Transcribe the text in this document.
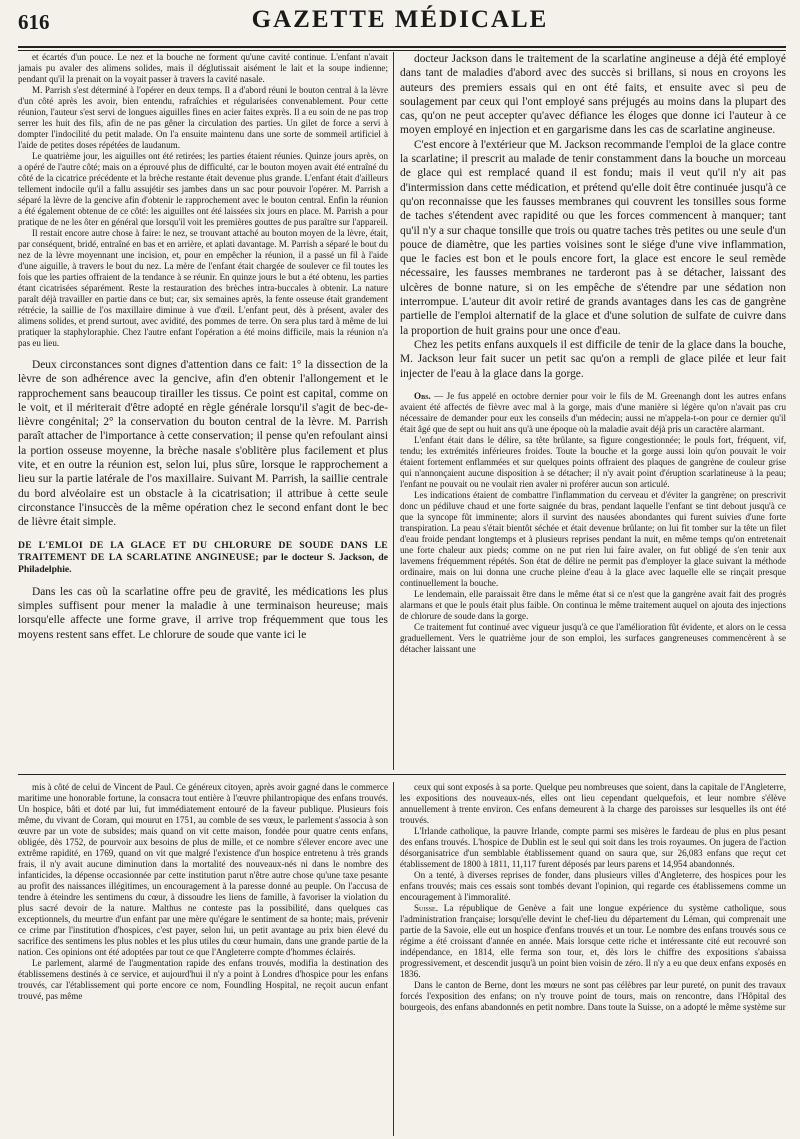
616	GAZETTE MÉDICALE

et écartés d'un pouce. Le nez et la bouche ne forment qu'une cavité continue. L'enfant n'avait jamais pu avaler des alimens solides, mais il déglutissait aisément le lait et la soupe indienne; pendant qu'il la prenait on la voyait passer à travers la cavité nasale.

M. Parrish s'est déterminé à l'opérer en deux temps. Il a d'abord réuni le bouton central à la lèvre d'un côté après les avoir, bien entendu, rafraîchies et régularisées convenablement. Pour cette réunion, l'auteur s'est servi de longues aiguilles fines en acier faites exprès. Il a eu soin de ne pas trop serrer les huit des fils, afin de ne pas gêner la circulation des parties. Un gilet de force a servi à dompter l'indocilité du petit malade. On l'a ensuite maintenu dans une sorte de sommeil artificiel à l'aide de petites doses répétées de laudanum.

Le quatrième jour, les aiguilles ont été retirées; les parties étaient réunies. Quinze jours après, on a opéré de l'autre côté; mais on a éprouvé plus de difficulté, car le bouton moyen avait été entraîné du côté de la cicatrice précédente et la brèche restante était devenue plus grande. L'enfant était d'ailleurs tellement indocile qu'il a fallu assujétir ses jambes dans un sac pour pouvoir l'opérer. M. Parrish a séparé la lèvre de la gencive afin d'obtenir le rapprochement avec le bouton central. Enfin la réunion a été également obtenue de ce côté: les aiguilles ont été laissées six jours en place. M. Parrish a pour pratique de ne les ôter en général que lorsqu'il voit les premières gouttes de pus paraître sur l'appareil.

Il restait encore autre chose à faire: le nez, se trouvant attaché au bouton moyen de la lèvre, était, par conséquent, bridé, entraîné en bas et en arrière, et aplati davantage. M. Parrish a séparé le bout du nez de la lèvre moyennant une incision, et, pour en empêcher la réunion, il a passé un fil à l'aide d'une aiguille, à travers le bout du nez. La mère de l'enfant était chargée de soulever ce fil toutes les fois que les parties offraient de la tendance à se réunir. En quinze jours le but a été obtenu, les parties étant cicatrisées séparément. Reste la restauration des brèches intra-buccales à obtenir. La nature paraît déjà travailler en partie dans ce but; car, six semaines après, la fente osseuse était grandement rétrécie, la saillie de l'os maxillaire diminue à vue d'œil. L'enfant peut, dès à présent, avaler des alimens solides, et prend surtout, avec avidité, des pommes de terre. On sera plus tard à même de lui pratiquer la staphyloraphie. Chez l'autre enfant l'opération a été moins difficile, mais la réunion n'a pas eu lieu.

Deux circonstances sont dignes d'attention dans ce fait: 1° la dissection de la lèvre de son adhérence avec la gencive, afin d'en obtenir l'allongement et le rapprochement sans beaucoup tirailler les tissus. Ce point est capital, comme on le voit, et il mériterait d'être adopté en règle générale lorsqu'il s'agit de bec-de-lièvre congénital; 2° la conservation du bouton central de la lèvre. M. Parrish paraît attacher de l'importance à cette conservation; il pense qu'en refoulant ainsi la portion osseuse moyenne, la brèche nasale s'oblitère plus facilement et plus vite, et en outre la réunion est, selon lui, plus sûre, lorsque le rapprochement a lieu sur la partie latérale de l'os maxillaire. Suivant M. Parrish, la saillie centrale du bord alvéolaire est un obstacle à la cicatrisation; il attribue à cette seule circonstance l'insuccès de la même opération chez le second enfant dont le bec de lièvre était simple.

DE L'EMLOI DE LA GLACE ET DU CHLORURE DE SOUDE DANS LE TRAITEMENT DE LA SCARLATINE ANGINEUSE; par le docteur S. Jackson, de Philadelphie.

Dans les cas où la scarlatine offre peu de gravité, les médications les plus simples suffisent pour mener la maladie à une terminaison heureuse; mais lorsqu'elle affecte une forme grave, il arrive trop fréquemment que tous les moyens restent sans effet. Le chlorure de soude que vante ici le

docteur Jackson dans le traitement de la scarlatine angineuse a déjà été employé dans tant de maladies d'abord avec des succès si brillans, si nous en croyons les auteurs des premiers essais qui en ont été faits, et ensuite avec si peu de soulagement par ceux qui l'ont employé sans préjugés au moins dans la plupart des cas, qu'on ne peut accepter qu'avec défiance les éloges que donne ici l'auteur à ce moyen employé en injection et en gargarisme dans les cas de scarlatine angineuse.

C'est encore à l'extérieur que M. Jackson recommande l'emploi de la glace contre la scarlatine; il prescrit au malade de tenir constamment dans la bouche un morceau de glace qui est remplacé quand il est fondu; mais il veut qu'il n'y ait pas d'intermission dans cette médication, et prétend qu'elle doit être continuée jusqu'à ce qu'on reconnaisse que les fausses membranes qui couvrent les tonsilles sous forme de taches s'étendent avec rapidité ou que les forces commencent à manquer; tant qu'il n'y a sur chaque tonsille que trois ou quatre taches très petites ou une seule d'un pouce de diamètre, que les parties voisines sont le siége d'une vive inflammation, que le facies est bon et le pouls encore fort, la glace est encore le seul remède nécessaire, les fausses membranes ne tarderont pas à se détacher, laissant des ulcères de bonne nature, si on les empêche de s'étendre par une sédation non interrompue. L'auteur dit avoir retiré de grands avantages dans les cas de gangrène partielle de l'emploi alternatif de la glace et d'une solution de sulfate de cuivre dans la proportion de huit grains pour une once d'eau.

Chez les petits enfans auxquels il est difficile de tenir de la glace dans la bouche, M. Jackson leur fait sucer un petit sac qu'on a rempli de glace pilée et leur fait injecter de l'eau à la glace dans la gorge.

Obs. — Je fus appelé en octobre dernier pour voir le fils de M. Greenangh dont les autres enfans avaient été affectés de fièvre avec mal à la gorge, mais d'une manière si légère qu'on n'avait pas cru nécessaire de demander pour eux les conseils d'un médecin; aussi ne m'appela-t-on pour ce dernier qu'il était âgé que de sept ou huit ans qu'à une époque où la maladie avait déjà pris un caractère alarmant.

L'enfant était dans le délire, sa tête brûlante, sa figure congestionnée; le pouls fort, fréquent, vif, tendu; les extrémités inférieures froides. Toute la bouche et la gorge aussi loin qu'on pouvait le voir étaient fortement enflammées et sur quelques points offraient des plaques de gangrène de couleur grise qui n'annonçaient aucune disposition à se détacher; il n'y avait point d'éruption scarlatineuse à la peau; l'enfant ne pouvait ou ne voulait rien avaler ni proférer aucun son articulé.

Les indications étaient de combattre l'inflammation du cerveau et d'éviter la gangrène; on prescrivit donc un pédiluve chaud et une forte saignée du bras, pendant laquelle l'enfant se tint debout jusqu'à ce que la syncope fût imminente; alors il survint des nausées abondantes qui furent suivies d'une forte transpiration. La peau s'était bientôt séchée et était devenue brûlante; on lui fit tomber sur la tête un filet d'eau froide pendant longtemps et à plusieurs reprises pendant la nuit, en même temps qu'on entretenait une forte chaleur aux pieds; comme on ne put rien lui faire avaler, on fut obligé de s'en tenir aux lavemens fréquemment répétés. Son état de délire ne permit pas d'employer la glace suivant la méthode ordinaire, mais on lui donna une cruche pleine d'eau à la glace avec laquelle elle se rinçait presque continuellement la bouche.

Le lendemain, elle paraissait être dans le même état si ce n'est que la gangrène avait fait des progrès alarmans et que le pouls était plus faible. On continua le même traitement auquel on ajouta des injections de chlorure de soude dans la gorge.

Ce traitement fut continué avec vigueur jusqu'à ce que l'amélioration fût évidente, et alors on le cessa graduellement. Vers le quatrième jour de son emploi, les surfaces gangreneuses commencèrent à se détacher laissant une

mis à côté de celui de Vincent de Paul. Ce généreux citoyen, après avoir gagné dans le commerce maritime une honorable fortune, la consacra tout entière à l'œuvre philantropique des enfans trouvés. Un hospice, bâti et doté par lui, fut immédiatement entouré de la faveur publique. Plusieurs fois même, du vivant de Coram, qui mourut en 1751, au comble de ses vœux, le parlement s'associa à son œuvre par un vote de subsides; mais quand on vit cette maison, fondée pour quatre cents enfans, obligée, dès 1752, de pourvoir aux besoins de plus de mille, et ce nombre s'élever encore avec une extrême rapidité, en 1769, quand on vit que malgré l'existence d'un hospice entretenu à très grands frais, il n'y avait aucune diminution dans la mortalité des nouveaux-nés ni dans le nombre des infanticides, la dépense occasionnée par cette institution parut n'être autre chose qu'une taxe pesante au profit des naissances illégitimes, un encouragement à la paresse donné au peuple. On l'accusa de tendre à éteindre les sentimens du cœur, à dissoudre les liens de famille, à favoriser la violation du plus sacré devoir de la nature. Malthus ne conteste pas la possibilité, dans quelques cas exceptionnels, du meurtre d'un enfant par une mère qu'égare le sentiment de sa honte; mais, prévenir ce crime par l'institution d'hospices, c'est payer, selon lui, un petit avantage au prix bien élevé du sacrifice des sentimens les plus nobles et les plus utiles du cœur humain, dans une grande partie de la nation. Ces opinions ont été adoptées par tout ce que l'Angleterre compte d'hommes éclairés.

Le parlement, alarmé de l'augmentation rapide des enfans trouvés, modifia la destination des établissemens destinés à ce service, et aujourd'hui il n'y a point à Londres d'hospice pour les enfans trouvés, car l'établissement qui porte encore ce nom, Foundling Hospital, ne reçoit aucun enfant trouvé, pas même

ceux qui sont exposés à sa porte. Quelque peu nombreuses que soient, dans la capitale de l'Angleterre, les expositions des nouveaux-nés, elles ont lieu cependant quelquefois, et leur nombre s'élève annuellement à trente environ. Ces enfans demeurent à la charge des paroisses sur lesquelles ils ont été trouvés.

L'Irlande catholique, la pauvre Irlande, compte parmi ses misères le fardeau de plus en plus pesant des enfans trouvés. L'hospice de Dublin est le seul qui soit dans les trois royaumes. On jugera de l'action désorganisatrice d'un semblable établissement quand on saura que, sur 26,083 enfans que reçut cet établissement de 1800 à 1811, 11,117 furent déposés par leurs parens et 14,954 abandonnés.

On a tenté, à diverses reprises de fonder, dans plusieurs villes d'Angleterre, des hospices pour les enfans trouvés; mais ces essais sont tombés devant l'opinion, qui regarde ces établissemens comme un encouragement à l'immoralité.

Suisse. La république de Genève a fait une longue expérience du système catholique, sous l'administration française; lorsqu'elle devint le chef-lieu du département du Léman, qui comprenait une partie de la Savoie, elle eut un hospice d'enfans trouvés et un tour. Le nombre des enfans trouvés sous ce régime a été croissant d'année en année. Mais lorsque cette riche et intéressante cité eut recouvré son indépendance, en 1814, elle ferma son tour, et, dès lors le chiffre des expositions s'abaissa progressivement, et descendit jusqu'à un point bien voisin de zéro. Il n'y a eu que deux enfans exposés en 1836.

Dans le canton de Berne, dont les mœurs ne sont pas célèbres par leur pureté, on punit des travaux forcés l'exposition des enfans; on n'y trouve point de tours, mais on rencontre, dans l'Hôpital des bourgeois, des enfans abandonnés en petit nombre. Dans toute la Suisse, on a adopté le même système sur
